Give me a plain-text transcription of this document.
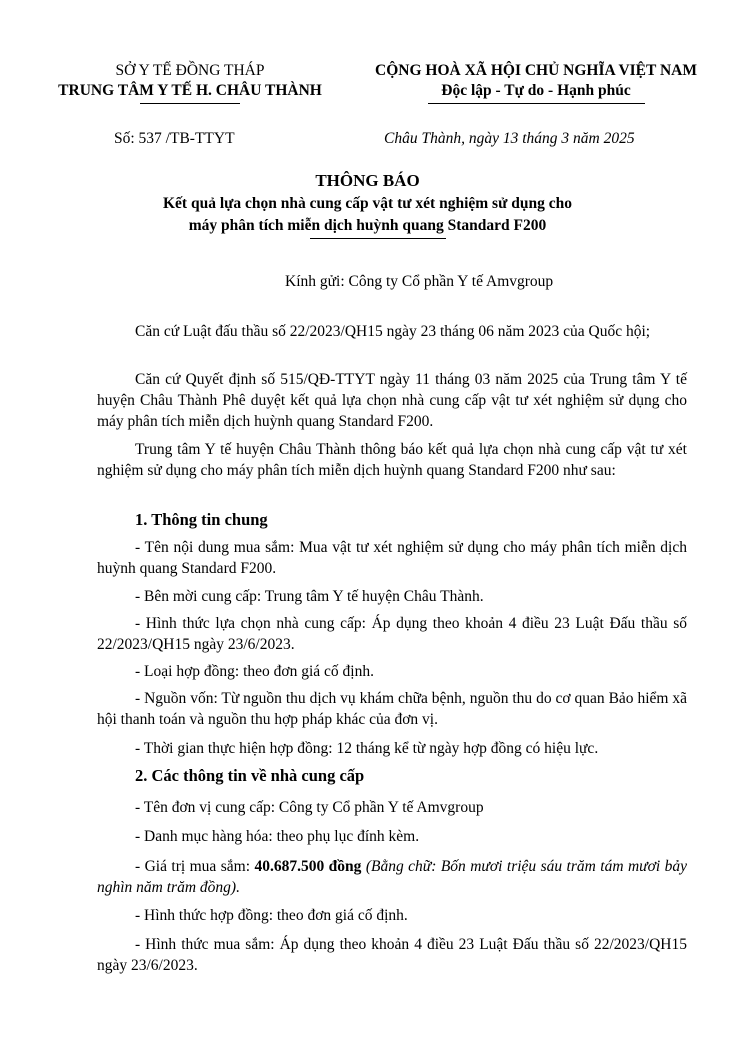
SỞ Y TẾ ĐỒNG THÁP
TRUNG TÂM Y TẾ H. CHÂU THÀNH
CỘNG HOÀ XÃ HỘI CHỦ NGHĨA VIỆT NAM
Độc lập - Tự do - Hạnh phúc
Số: 537 /TB-TTYT	Châu Thành, ngày 13 tháng 3 năm 2025
THÔNG BÁO
Kết quả lựa chọn nhà cung cấp vật tư xét nghiệm sử dụng cho
máy phân tích miễn dịch huỳnh quang Standard F200
Kính gửi: Công ty Cổ phần Y tế Amvgroup

Căn cứ Luật đấu thầu số 22/2023/QH15 ngày 23 tháng 06 năm 2023 của Quốc hội;

Căn cứ Quyết định số 515/QĐ-TTYT ngày 11 tháng 03 năm 2025 của Trung tâm Y tế huyện Châu Thành Phê duyệt kết quả lựa chọn nhà cung cấp vật tư xét nghiệm sử dụng cho máy phân tích miễn dịch huỳnh quang Standard F200.

Trung tâm Y tế huyện Châu Thành thông báo kết quả lựa chọn nhà cung cấp vật tư xét nghiệm sử dụng cho máy phân tích miễn dịch huỳnh quang Standard F200 như sau:

1. Thông tin chung

- Tên nội dung mua sắm: Mua vật tư xét nghiệm sử dụng cho máy phân tích miễn dịch huỳnh quang Standard F200.

- Bên mời cung cấp: Trung tâm Y tế huyện Châu Thành.

- Hình thức lựa chọn nhà cung cấp: Áp dụng theo khoản 4 điều 23 Luật Đấu thầu số 22/2023/QH15 ngày 23/6/2023.

- Loại hợp đồng: theo đơn giá cố định.

- Nguồn vốn: Từ nguồn thu dịch vụ khám chữa bệnh, nguồn thu do cơ quan Bảo hiểm xã hội thanh toán và nguồn thu hợp pháp khác của đơn vị.

- Thời gian thực hiện hợp đồng: 12 tháng kể từ ngày hợp đồng có hiệu lực.

2. Các thông tin về nhà cung cấp

- Tên đơn vị cung cấp: Công ty Cổ phần Y tế Amvgroup

- Danh mục hàng hóa: theo phụ lục đính kèm.

- Giá trị mua sắm: 40.687.500 đồng (Bằng chữ: Bốn mươi triệu sáu trăm tám mươi bảy nghìn năm trăm đồng).

- Hình thức hợp đồng: theo đơn giá cố định.

- Hình thức mua sắm: Áp dụng theo khoản 4 điều 23 Luật Đấu thầu số 22/2023/QH15 ngày 23/6/2023.
